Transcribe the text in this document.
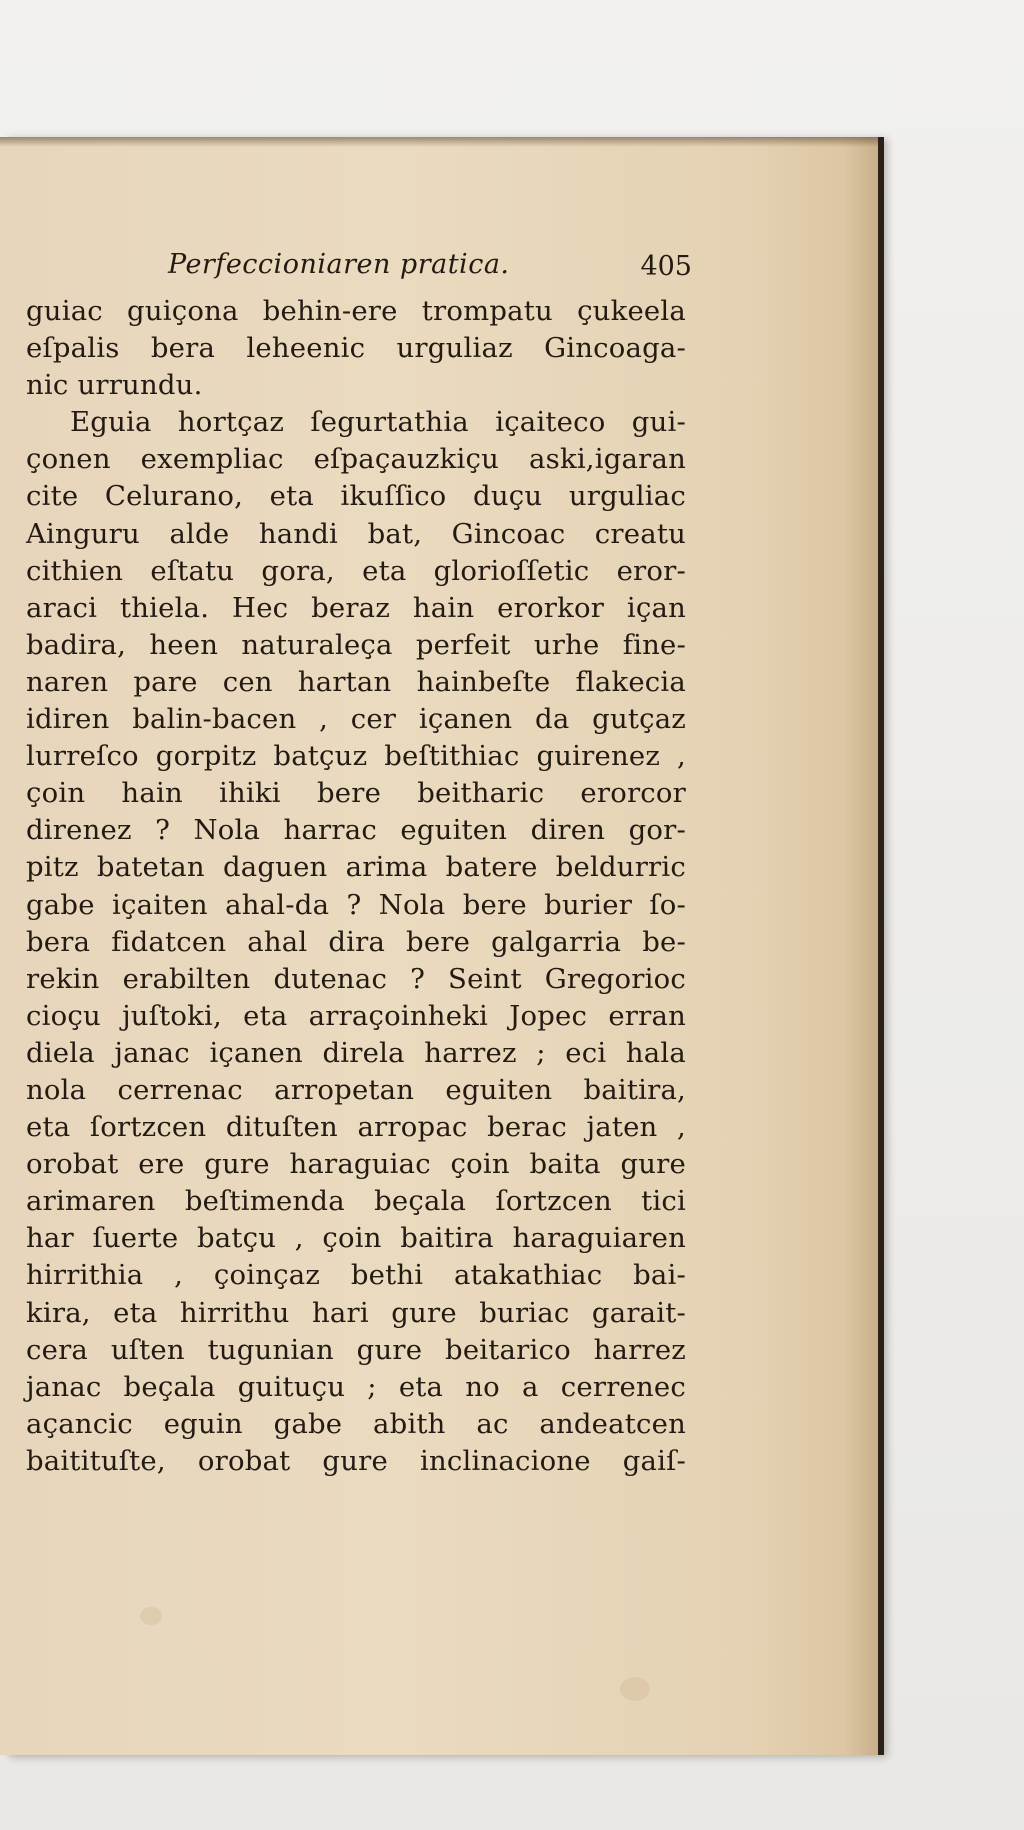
Perfeccioniaren pratica.	405
guiac guiçona behin-ere trompatu çukeela
eſpalis bera leheenic urguliaz Gincoaga-
nic urrundu.
Eguia hortçaz ſegurtathia içaiteco gui-
çonen exempliac eſpaçauzkiçu aski,igaran
cite Celurano, eta ikuſſico duçu urguliac
Ainguru alde handi bat, Gincoac creatu
cithien eſtatu gora, eta glorioſſetic eror-
araci thiela. Hec beraz hain erorkor içan
badira, heen naturaleça perfeit urhe fine-
naren pare cen hartan hainbeſte flakecia
idiren balin-bacen , cer içanen da gutçaz
lurreſco gorpitz batçuz beſtithiac guirenez ,
çoin hain ihiki bere beitharic erorcor
direnez ? Nola harrac eguiten diren gor-
pitz batetan daguen arima batere beldurric
gabe içaiten ahal-da ? Nola bere burier ſo-
bera fidatcen ahal dira bere galgarria be-
rekin erabilten dutenac ? Seint Gregorioc
cioçu juſtoki, eta arraçoinheki Jopec erran
diela janac içanen direla harrez ; eci hala
nola cerrenac arropetan eguiten baitira,
eta ſortzcen dituſten arropac berac jaten ,
orobat ere gure haraguiac çoin baita gure
arimaren beſtimenda beçala ſortzcen tici
har ſuerte batçu , çoin baitira haraguiaren
hirrithia , çoinçaz bethi atakathiac bai-
kira, eta hirrithu hari gure buriac garait-
cera uſten tugunian gure beitarico harrez
janac beçala guituçu ; eta no a cerrenec
açancic eguin gabe abith ac andeatcen
baitituſte, orobat gure inclinacione gaiſ-
